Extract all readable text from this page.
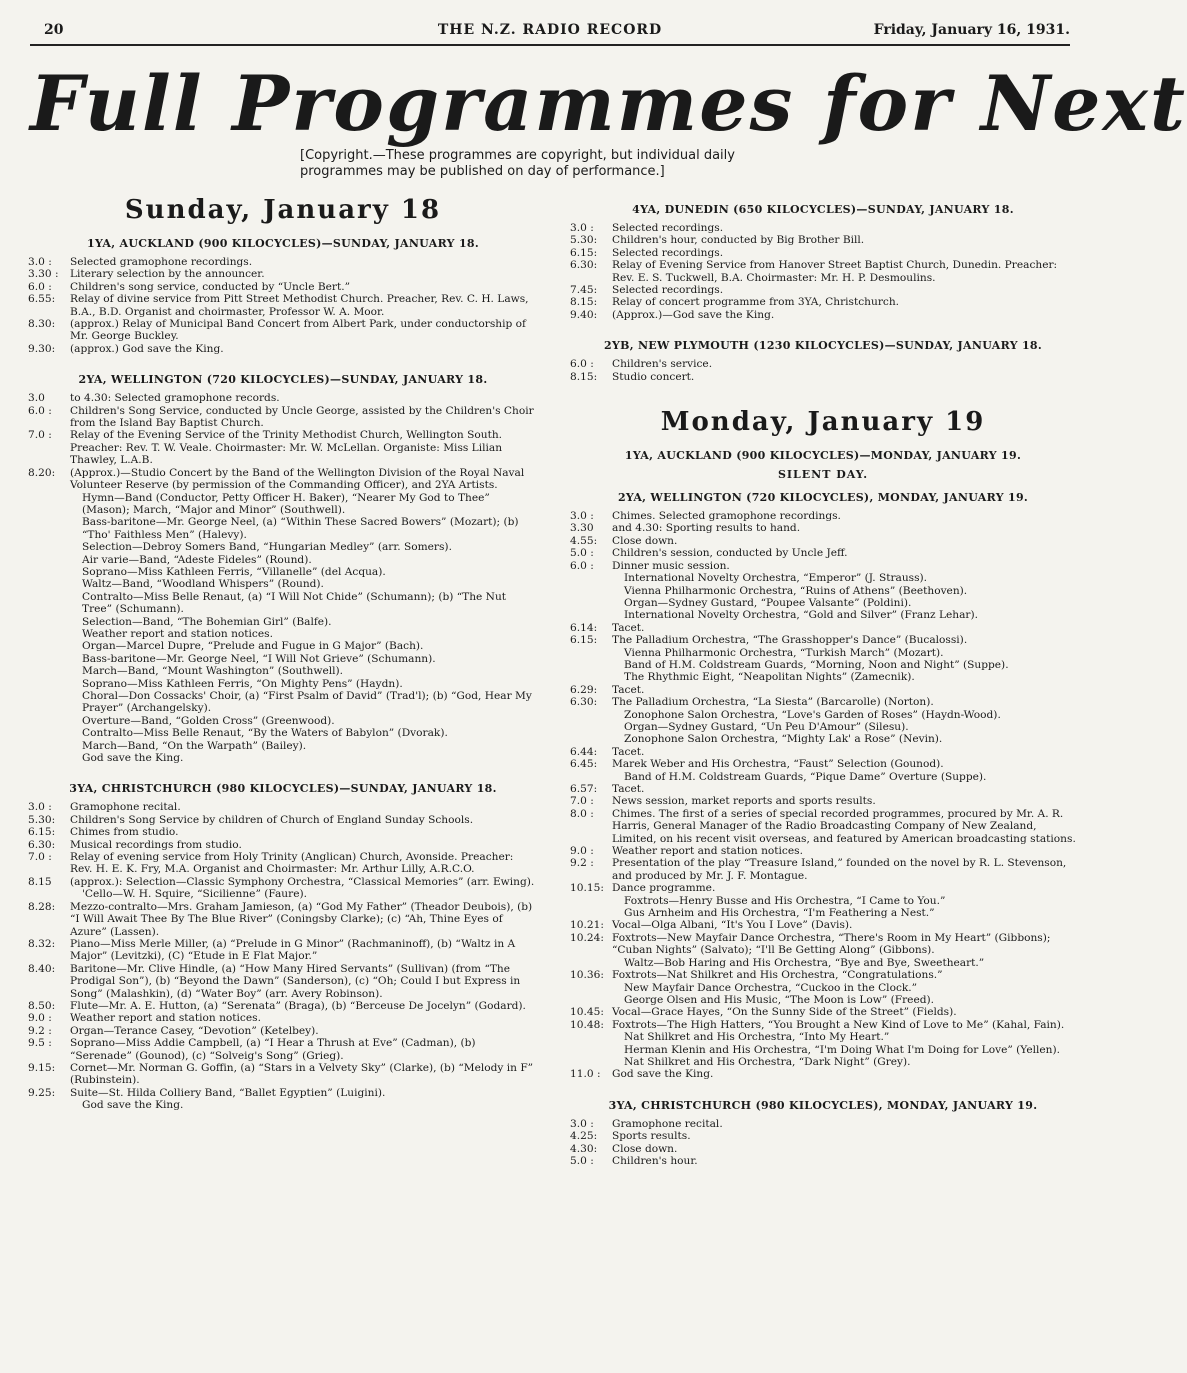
20	THE N.Z. RADIO RECORD	Friday, January 16, 1931.
Full Programmes for Next
[Copyright.—These programmes are copyright, but individual daily programmes may be published on day of performance.]
Sunday, January 18
1YA, AUCKLAND (900 KILOCYCLES)—SUNDAY, JANUARY 18.
3.0 :	Selected gramophone recordings.
3.30 :	Literary selection by the announcer.
6.0 :	Children's song service, conducted by “Uncle Bert.”
6.55:	Relay of divine service from Pitt Street Methodist Church. Preacher, Rev. C. H. Laws, B.A., B.D. Organist and choirmaster, Professor W. A. Moor.
8.30:	(approx.) Relay of Municipal Band Concert from Albert Park, under conductorship of Mr. George Buckley.
9.30:	(approx.) God save the King.
2YA, WELLINGTON (720 KILOCYCLES)—SUNDAY, JANUARY 18.
3.0	to 4.30: Selected gramophone records.
6.0 :	Children's Song Service, conducted by Uncle George, assisted by the Children's Choir from the Island Bay Baptist Church.
7.0 :	Relay of the Evening Service of the Trinity Methodist Church, Wellington South. Preacher: Rev. T. W. Veale. Choirmaster: Mr. W. McLellan. Organiste: Miss Lilian Thawley, L.A.B.
8.20:	(Approx.)—Studio Concert by the Band of the Wellington Division of the Royal Naval Volunteer Reserve (by permission of the Commanding Officer), and 2YA Artists.
Hymn—Band (Conductor, Petty Officer H. Baker), “Nearer My God to Thee” (Mason); March, “Major and Minor” (Southwell).
Bass-baritone—Mr. George Neel, (a) “Within These Sacred Bowers” (Mozart); (b) “Tho' Faithless Men” (Halevy).
Selection—Debroy Somers Band, “Hungarian Medley” (arr. Somers).
Air varie—Band, “Adeste Fideles” (Round).
Soprano—Miss Kathleen Ferris, “Villanelle” (del Acqua).
Waltz—Band, “Woodland Whispers” (Round).
Contralto—Miss Belle Renaut, (a) “I Will Not Chide” (Schumann); (b) “The Nut Tree” (Schumann).
Selection—Band, “The Bohemian Girl” (Balfe).
Weather report and station notices.
Organ—Marcel Dupre, “Prelude and Fugue in G Major” (Bach).
Bass-baritone—Mr. George Neel, “I Will Not Grieve” (Schumann).
March—Band, “Mount Washington” (Southwell).
Soprano—Miss Kathleen Ferris, “On Mighty Pens” (Haydn).
Choral—Don Cossacks' Choir, (a) “First Psalm of David” (Trad'l); (b) “God, Hear My Prayer” (Archangelsky).
Overture—Band, “Golden Cross” (Greenwood).
Contralto—Miss Belle Renaut, “By the Waters of Babylon” (Dvorak).
March—Band, “On the Warpath” (Bailey).
God save the King.
3YA, CHRISTCHURCH (980 KILOCYCLES)—SUNDAY, JANUARY 18.
3.0 :	Gramophone recital.
5.30:	Children's Song Service by children of Church of England Sunday Schools.
6.15:	Chimes from studio.
6.30:	Musical recordings from studio.
7.0 :	Relay of evening service from Holy Trinity (Anglican) Church, Avonside. Preacher: Rev. H. E. K. Fry, M.A. Organist and Choirmaster: Mr. Arthur Lilly, A.R.C.O.
8.15	(approx.): Selection—Classic Symphony Orchestra, “Classical Memories” (arr. Ewing).
'Cello—W. H. Squire, “Sicilienne” (Faure).
8.28:	Mezzo-contralto—Mrs. Graham Jamieson, (a) “God My Father” (Theador Deubois), (b) “I Will Await Thee By The Blue River” (Coningsby Clarke); (c) “Ah, Thine Eyes of Azure” (Lassen).
8.32:	Piano—Miss Merle Miller, (a) “Prelude in G Minor” (Rachmaninoff), (b) “Waltz in A Major” (Levitzki), (C) “Etude in E Flat Major.”
8.40:	Baritone—Mr. Clive Hindle, (a) “How Many Hired Servants” (Sullivan) (from “The Prodigal Son”), (b) “Beyond the Dawn” (Sanderson), (c) “Oh; Could I but Express in Song” (Malashkin), (d) “Water Boy” (arr. Avery Robinson).
8.50:	Flute—Mr. A. E. Hutton, (a) “Serenata” (Braga), (b) “Berceuse De Jocelyn” (Godard).
9.0 :	Weather report and station notices.
9.2 :	Organ—Terance Casey, “Devotion” (Ketelbey).
9.5 :	Soprano—Miss Addie Campbell, (a) “I Hear a Thrush at Eve” (Cadman), (b) “Serenade” (Gounod), (c) “Solveig's Song” (Grieg).
9.15:	Cornet—Mr. Norman G. Goffin, (a) “Stars in a Velvety Sky” (Clarke), (b) “Melody in F” (Rubinstein).
9.25:	Suite—St. Hilda Colliery Band, “Ballet Egyptien” (Luigini).
God save the King.
4YA, DUNEDIN (650 KILOCYCLES)—SUNDAY, JANUARY 18.
3.0 :	Selected recordings.
5.30:	Children's hour, conducted by Big Brother Bill.
6.15:	Selected recordings.
6.30:	Relay of Evening Service from Hanover Street Baptist Church, Dunedin. Preacher: Rev. E. S. Tuckwell, B.A. Choirmaster: Mr. H. P. Desmoulins.
7.45:	Selected recordings.
8.15:	Relay of concert programme from 3YA, Christchurch.
9.40:	(Approx.)—God save the King.
2YB, NEW PLYMOUTH (1230 KILOCYCLES)—SUNDAY, JANUARY 18.
6.0 :	Children's service.
8.15:	Studio concert.
Monday, January 19
1YA, AUCKLAND (900 KILOCYCLES)—MONDAY, JANUARY 19.
SILENT DAY.
2YA, WELLINGTON (720 KILOCYCLES), MONDAY, JANUARY 19.
3.0 :	Chimes. Selected gramophone recordings.
3.30	and 4.30: Sporting results to hand.
4.55:	Close down.
5.0 :	Children's session, conducted by Uncle Jeff.
6.0 :	Dinner music session.
International Novelty Orchestra, “Emperor” (J. Strauss).
Vienna Philharmonic Orchestra, “Ruins of Athens” (Beethoven).
Organ—Sydney Gustard, “Poupee Valsante” (Poldini).
International Novelty Orchestra, “Gold and Silver” (Franz Lehar).
6.14:	Tacet.
6.15:	The Palladium Orchestra, “The Grasshopper's Dance” (Bucalossi).
Vienna Philharmonic Orchestra, “Turkish March” (Mozart).
Band of H.M. Coldstream Guards, “Morning, Noon and Night” (Suppe).
The Rhythmic Eight, “Neapolitan Nights” (Zamecnik).
6.29:	Tacet.
6.30:	The Palladium Orchestra, “La Siesta” (Barcarolle) (Norton).
Zonophone Salon Orchestra, “Love's Garden of Roses” (Haydn-Wood).
Organ—Sydney Gustard, “Un Peu D'Amour” (Silesu).
Zonophone Salon Orchestra, “Mighty Lak' a Rose” (Nevin).
6.44:	Tacet.
6.45:	Marek Weber and His Orchestra, “Faust” Selection (Gounod).
Band of H.M. Coldstream Guards, “Pique Dame” Overture (Suppe).
6.57:	Tacet.
7.0 :	News session, market reports and sports results.
8.0 :	Chimes. The first of a series of special recorded programmes, procured by Mr. A. R. Harris, General Manager of the Radio Broadcasting Company of New Zealand, Limited, on his recent visit overseas, and featured by American broadcasting stations.
9.0 :	Weather report and station notices.
9.2 :	Presentation of the play “Treasure Island,” founded on the novel by R. L. Stevenson, and produced by Mr. J. F. Montague.
10.15: Dance programme.
Foxtrots—Henry Busse and His Orchestra, “I Came to You.”
Gus Arnheim and His Orchestra, “I'm Feathering a Nest.”
10.21: Vocal—Olga Albani, “It's You I Love” (Davis).
10.24: Foxtrots—New Mayfair Dance Orchestra, “There's Room in My Heart” (Gibbons); “Cuban Nights” (Salvato); “I'll Be Getting Along” (Gibbons).
Waltz—Bob Haring and His Orchestra, “Bye and Bye, Sweetheart.”
10.36: Foxtrots—Nat Shilkret and His Orchestra, “Congratulations.”
New Mayfair Dance Orchestra, “Cuckoo in the Clock.”
George Olsen and His Music, “The Moon is Low” (Freed).
10.45: Vocal—Grace Hayes, “On the Sunny Side of the Street” (Fields).
10.48: Foxtrots—The High Hatters, “You Brought a New Kind of Love to Me” (Kahal, Fain).
Nat Shilkret and His Orchestra, “Into My Heart.”
Herman Klenin and His Orchestra, “I'm Doing What I'm Doing for Love” (Yellen).
Nat Shilkret and His Orchestra, “Dark Night” (Grey).
11.0 :	God save the King.
3YA, CHRISTCHURCH (980 KILOCYCLES), MONDAY, JANUARY 19.
3.0 :	Gramophone recital.
4.25:	Sports results.
4.30:	Close down.
5.0 :	Children's hour.
